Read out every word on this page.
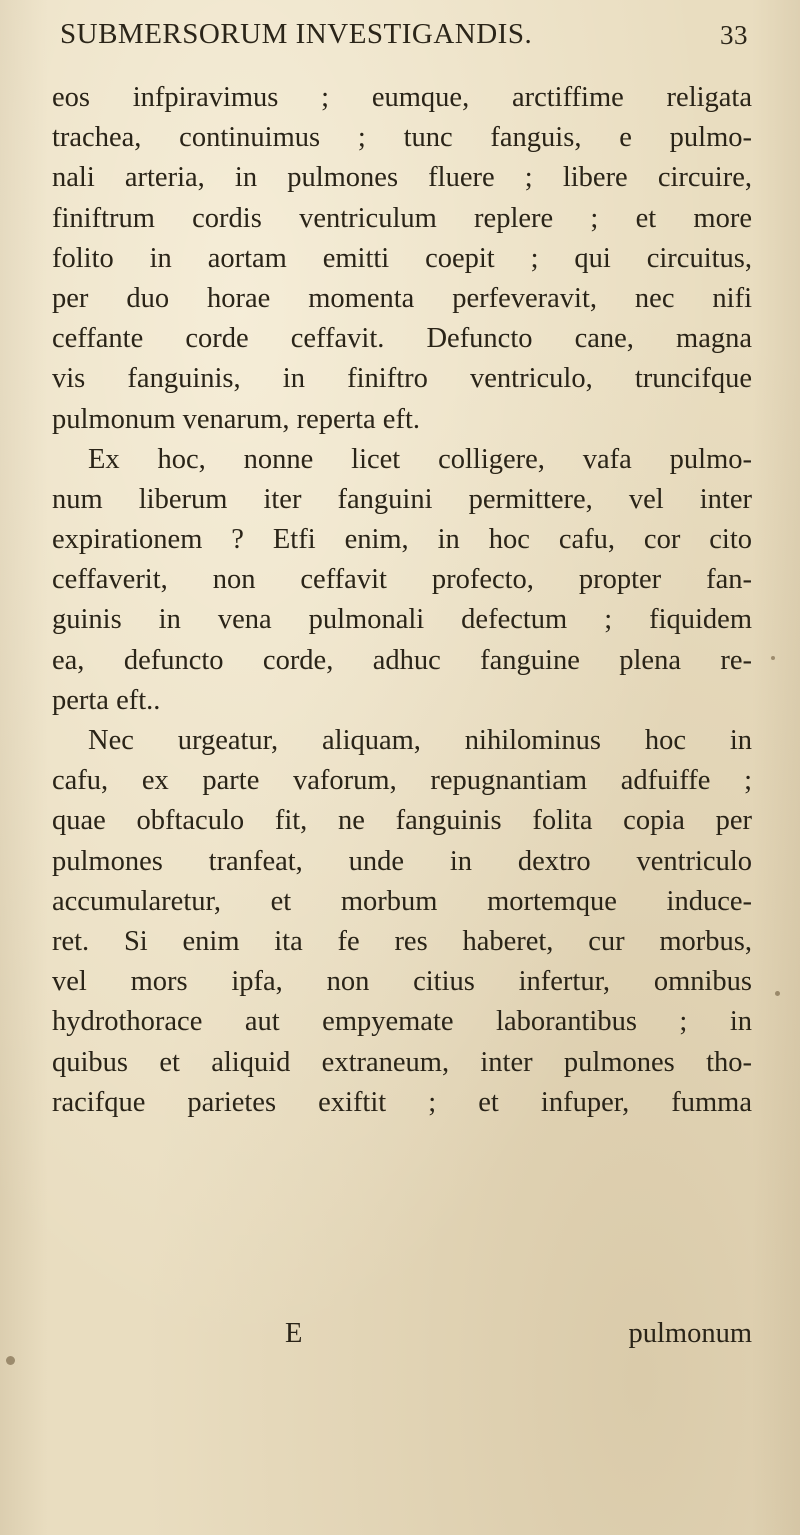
SUBMERSORUM INVESTIGANDIS.	33
eos infpiravimus ; eumque, arctiffime religata
trachea, continuimus ; tunc fanguis, e pulmo-
nali arteria, in pulmones fluere ; libere circuire,
finiftrum cordis ventriculum replere ; et more
folito in aortam emitti coepit ; qui circuitus,
per duo horae momenta perfeveravit, nec nifi
ceffante corde ceffavit. Defuncto cane, magna
vis fanguinis, in finiftro ventriculo, truncifque
pulmonum venarum, reperta eft.
Ex hoc, nonne licet colligere, vafa pulmo-
num liberum iter fanguini permittere, vel inter
expirationem ? Etfi enim, in hoc cafu, cor cito
ceffaverit, non ceffavit profecto, propter fan-
guinis in vena pulmonali defectum ; fiquidem
ea, defuncto corde, adhuc fanguine plena re-
perta eft..
Nec urgeatur, aliquam, nihilominus hoc in
cafu, ex parte vaforum, repugnantiam adfuiffe ;
quae obftaculo fit, ne fanguinis folita copia per
pulmones tranfeat, unde in dextro ventriculo
accumularetur, et morbum mortemque induce-
ret. Si enim ita fe res haberet, cur morbus,
vel mors ipfa, non citius infertur, omnibus
hydrothorace aut empyemate laborantibus ; in
quibus et aliquid extraneum, inter pulmones tho-
racifque parietes exiftit ; et infuper, fumma
E	pulmonum
